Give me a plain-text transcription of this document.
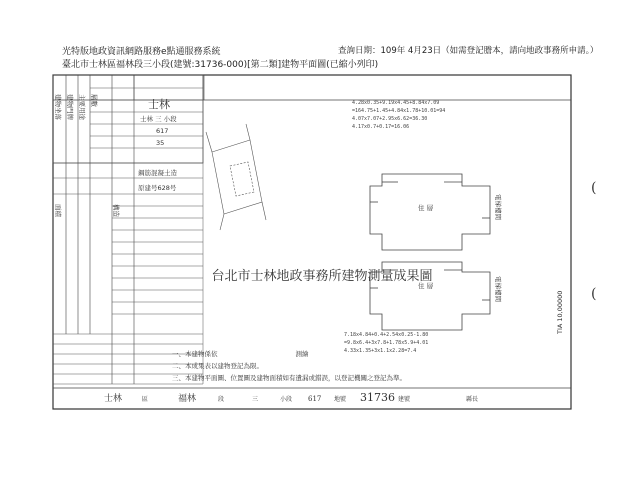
光特版地政資訊網路服務e點通服務系統
臺北市士林區福林段三小段(建號:31736-000)[第二類]建物平面圖(已縮小列印)
查詢日期：109年 4月23日（如需登記謄本，請向地政事務所申請。）
士林
士林 三 小段
617
35
鋼筋混凝土造
原建号628号
建物坐落 建物門牌 主要用途 層數
構造
面積
台北市士林地政事務所建物測量成果圖
住 層	電梯樓間
住 層	電梯樓間
4.28x0.35+9.19x4.45+8.84x7.09
=164.75+1.45+4.84x1.78+10.01=94
4.07x7.07+2.95x6.62=36.30
4.17x0.7+0.17=16.06
7.18x4.84+0.4+2.54x0.25-1.80
=9.8x6.4+3x7.8+1.78x5.9+4.01
4.33x1.35+3x1.1x2.28=7.4
一、本建物係依　　　　　　　　　　　　測繪
二、本成果表以建物登記為限。
三、本建物平面圖、位置圖及建物面積如有遺漏或錯誤，以登記機關之登記為準。
TIA 10,00000
士林	區	福林	段	三	小段 617 地號 31736 建號	縣長
(
(
